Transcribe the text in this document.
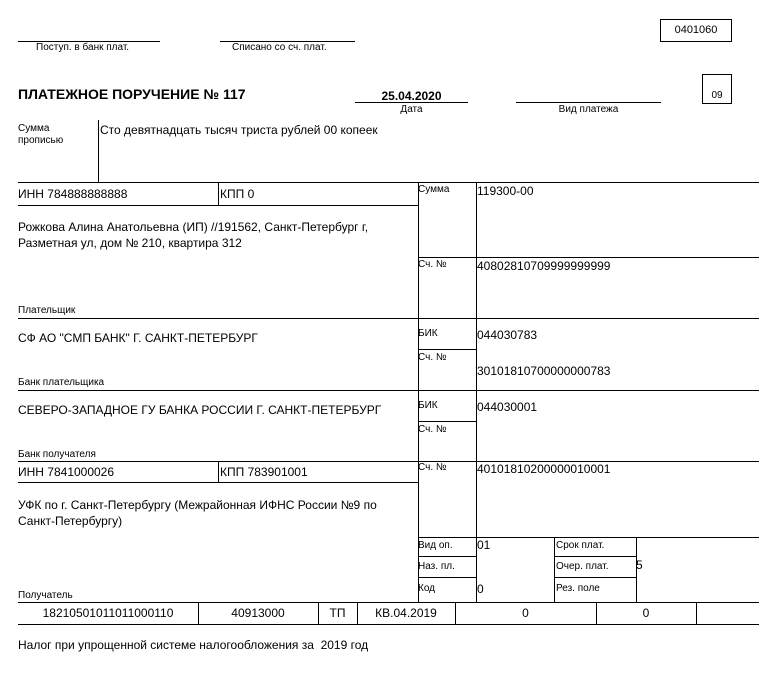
0401060
Поступ. в банк плат.	Списано со сч. плат.
ПЛАТЕЖНОЕ ПОРУЧЕНИЕ № 117	25.04.2020
Дата	Вид платежа
09
Сумма
прописью
Сто девятнадцать тысяч триста рублей 00 копеек
ИНН 784888888888	КПП 0
Рожкова Алина Анатольевна (ИП) //191562, Санкт-Петербург г,
Разметная ул, дом № 210, квартира 312
Плательщик
Сумма 119300-00
Сч. №	40802810709999999999
СФ АО "СМП БАНК" Г. САНКТ-ПЕТЕРБУРГ
Банк плательщика
БИК	044030783
Сч. №
30101810700000000783
СЕВЕРО-ЗАПАДНОЕ ГУ БАНКА РОССИИ Г. САНКТ-ПЕТЕРБУРГ
Банк получателя
БИК	044030001
Сч. №
ИНН 7841000026	КПП 783901001	Сч. №	40101810200000010001
УФК по г. Санкт-Петербургу (Межрайонная ИФНС России №9 по
Санкт-Петербургу)
Получатель
Вид оп. 01
Наз. пл.
Код	0
Срок плат.
Очер. плат. 5
Рез. поле
18210501011011000110	40913000	ТП	КВ.04.2019	0	0
Налог при упрощенной системе налогообложения за  2019 год
